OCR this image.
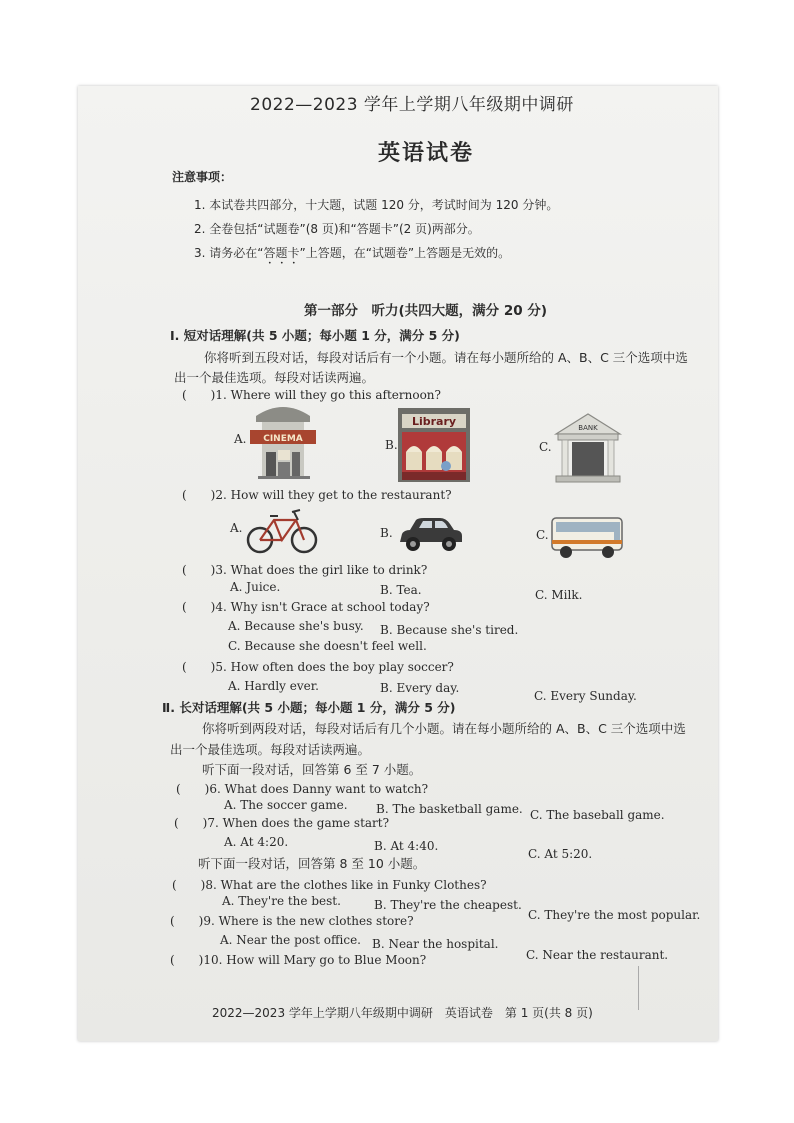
2022—2023 学年上学期八年级期中调研
英语试卷
注意事项：
1. 本试卷共四部分，十大题，试题 120 分，考试时间为 120 分钟。
2. 全卷包括“试题卷”(8 页)和“答题卡”(2 页)两部分。
3. 请务必在“答题卡”上答题，在“试题卷”上答题是无效的。
第一部分　听力(共四大题，满分 20 分)
Ⅰ. 短对话理解(共 5 小题；每小题 1 分，满分 5 分)
你将听到五段对话，每段对话后有一个小题。请在每小题所给的 A、B、C 三个选项中选
出一个最佳选项。每段对话读两遍。
(　　)1. Where will they go this afternoon?
A.	B.	C.
CINEMA
Library	BANK
(　　)2. How will they get to the restaurant?
A.	B.	C.
(　　)3. What does the girl like to drink?
A. Juice.	B. Tea.	C. Milk.
(　　)4. Why isn't Grace at school today?
A. Because she's busy. B. Because she's tired.
C. Because she doesn't feel well.
(　　)5. How often does the boy play soccer?
A. Hardly ever.	B. Every day.
C. Every Sunday.
Ⅱ. 长对话理解(共 5 小题；每小题 1 分，满分 5 分)
你将听到两段对话，每段对话后有几个小题。请在每小题所给的 A、B、C 三个选项中选
出一个最佳选项。每段对话读两遍。
听下面一段对话，回答第 6 至 7 小题。
(　　)6. What does Danny want to watch?
A. The soccer game. B. The basketball game. C. The baseball game.
(　　)7. When does the game start?
A. At 4:20.	B. At 4:40.
C. At 5:20.
听下面一段对话，回答第 8 至 10 小题。
(　　)8. What are the clothes like in Funky Clothes?
A. They're the best.	B. They're the cheapest.
C. They're the most popular.
(　　)9. Where is the new clothes store?
A. Near the post office. B. Near the hospital.
C. Near the restaurant.
(　　)10. How will Mary go to Blue Moon?
2022—2023 学年上学期八年级期中调研　英语试卷　第 1 页(共 8 页)
